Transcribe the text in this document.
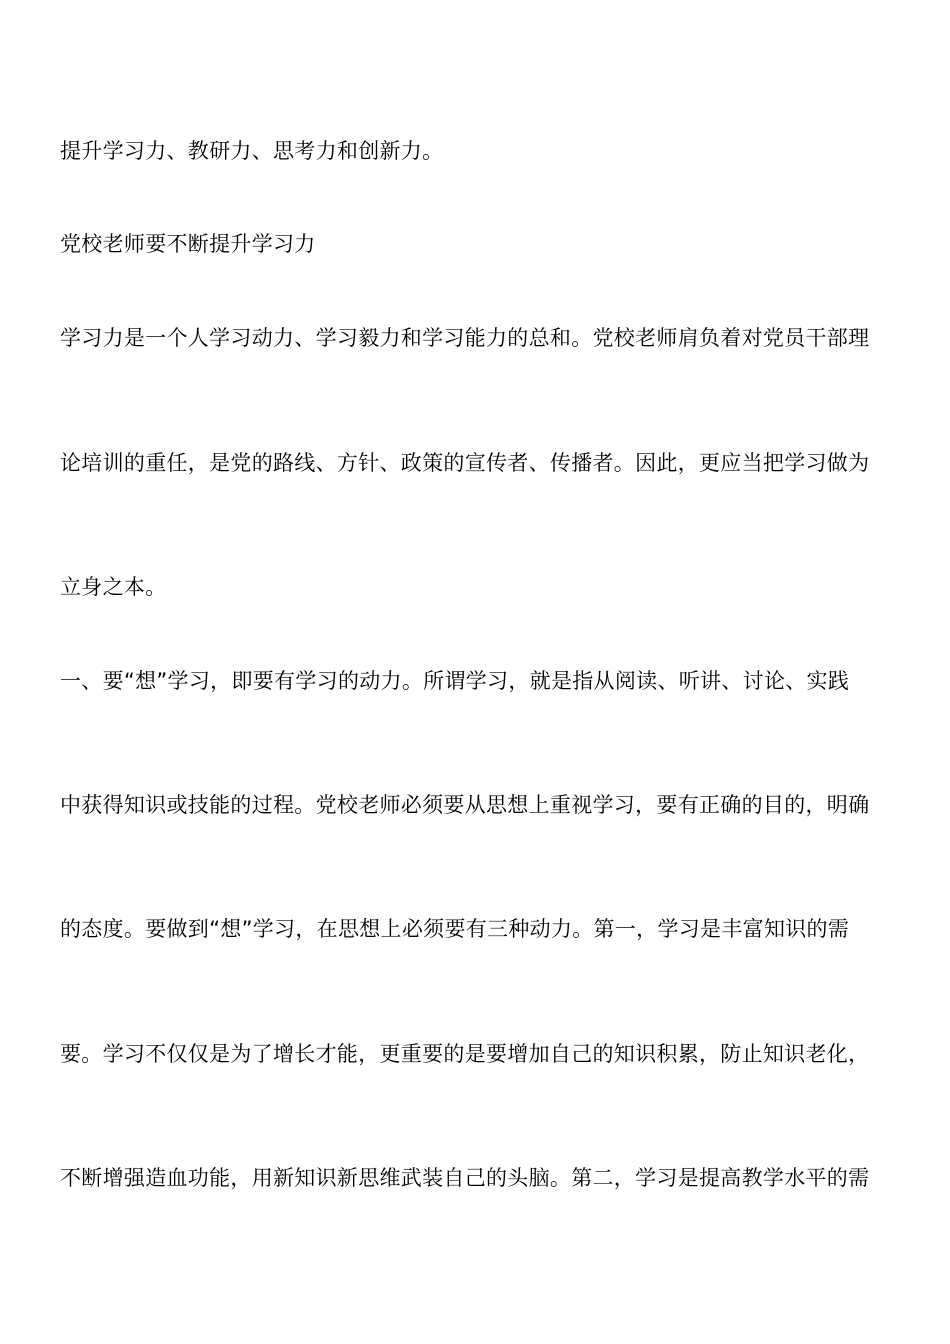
提升学习力、教研力、思考力和创新力。
党校老师要不断提升学习力
学习力是一个人学习动力、学习毅力和学习能力的总和。党校老师肩负着对党员干部理
论培训的重任，是党的路线、方针、政策的宣传者、传播者。因此，更应当把学习做为
立身之本。
一、要“想”学习，即要有学习的动力。所谓学习，就是指从阅读、听讲、讨论、实践
中获得知识或技能的过程。党校老师必须要从思想上重视学习，要有正确的目的，明确
的态度。要做到“想”学习，在思想上必须要有三种动力。第一，学习是丰富知识的需
要。学习不仅仅是为了增长才能，更重要的是要增加自己的知识积累，防止知识老化，
不断增强造血功能，用新知识新思维武装自己的头脑。第二，学习是提高教学水平的需
